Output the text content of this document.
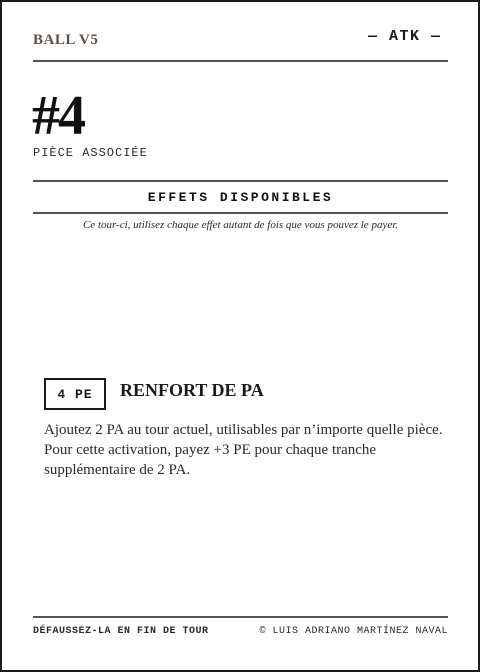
BALL V5	— ATK —
#4
PIÈCE ASSOCIÉE
EFFETS DISPONIBLES
Ce tour-ci, utilisez chaque effet autant de fois que vous pouvez le payer.
4 PE	RENFORT DE PA
Ajoutez 2 PA au tour actuel, utilisables par n’importe quelle pièce. Pour cette activation, payez +3 PE pour chaque tranche supplémentaire de 2 PA.
DÉFAUSSEZ-LA EN FIN DE TOUR	© LUIS ADRIANO MARTÍNEZ NAVAL
